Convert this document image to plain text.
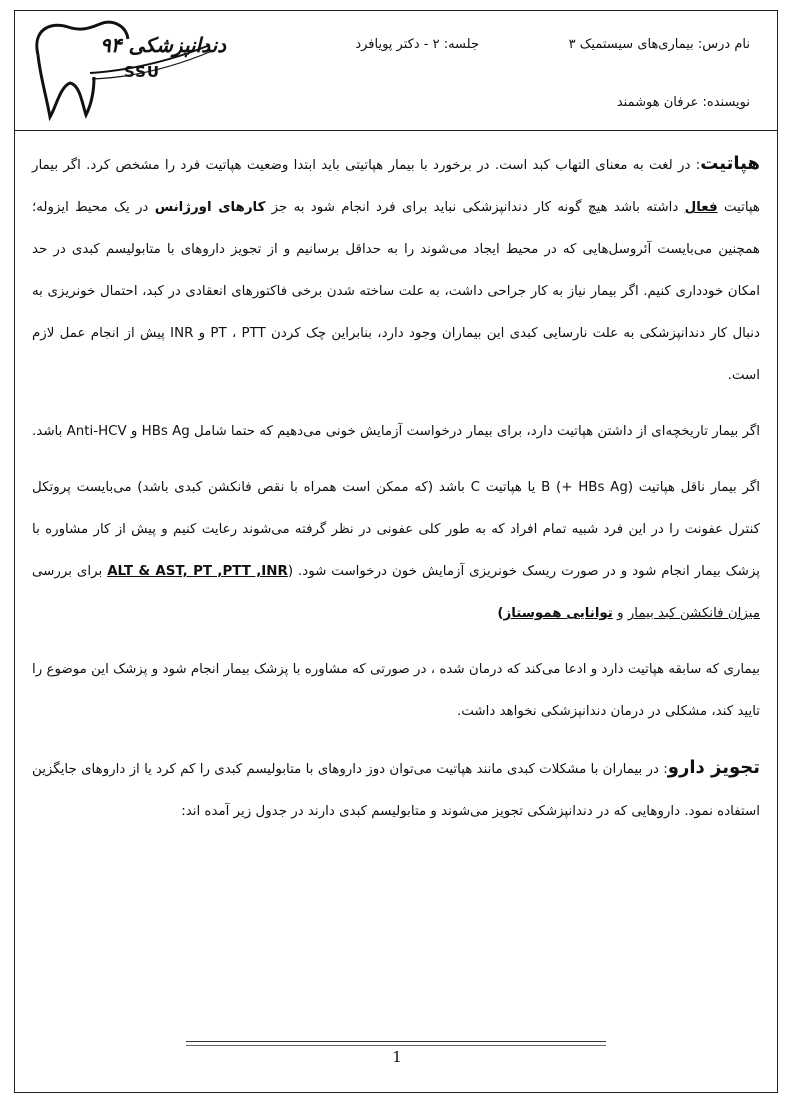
دندانپزشکی ۹۴
SSU
نام درس: بیماری‌های سیستمیک ۳
جلسه: ۲ - دکتر پویافرد
نویسنده: عرفان هوشمند

هپاتیت: در لغت به معنای التهاب کبد است. در برخورد با بیمار هپاتیتی باید ابتدا وضعیت هپاتیت فرد را مشخص کرد. اگر بیمار هپاتیت فعال داشته باشد هیچ گونه کار دندانپزشکی نباید برای فرد انجام شود به جز کارهای اورژانس در یک محیط ایزوله؛ همچنین می‌بایست آئروسل‌هایی که در محیط ایجاد می‌شوند را به حداقل برسانیم و از تجویز داروهای با متابولیسم کبدی در حد امکان خودداری کنیم. اگر بیمار نیاز به کار جراحی داشت، به علت ساخته شدن برخی فاکتورهای انعقادی در کبد، احتمال خونریزی به دنبال کار دندانپزشکی به علت نارسایی کبدی این بیماران وجود دارد، بنابراین چک کردن PT ، PTT و INR پیش از انجام عمل لازم است.

اگر بیمار تاریخچه‌ای از داشتن هپاتیت دارد، برای بیمار درخواست آزمایش خونی می‌دهیم که حتما شامل HBs Ag و Anti-HCV باشد.

اگر بیمار ناقل هپاتیت B (+ HBs Ag) یا هپاتیت C باشد (که ممکن است همراه با نقص فانکشن کبدی باشد) می‌بایست پروتکل کنترل عفونت را در این فرد شبیه تمام افراد که به طور کلی عفونی در نظر گرفته می‌شوند رعایت کنیم و پیش از کار مشاوره با پزشک بیمار انجام شود و در صورت ریسک خونریزی آزمایش خون درخواست شود. (ALT & AST, PT ,PTT ,INR برای بررسی میزان فانکشن کبد بیمار و توانایی هموستاز)

بیماری که سابقه هپاتیت دارد و ادعا می‌کند که درمان شده ، در صورتی که مشاوره با پزشک بیمار انجام شود و پزشک این موضوع را تایید کند، مشکلی در درمان دندانپزشکی نخواهد داشت.

تجویز دارو: در بیماران با مشکلات کبدی مانند هپاتیت می‌توان دوز داروهای با متابولیسم کبدی را کم کرد یا از داروهای جایگزین استفاده نمود. داروهایی که در دندانپزشکی تجویز می‌شوند و متابولیسم کبدی دارند در جدول زیر آمده اند:

1
